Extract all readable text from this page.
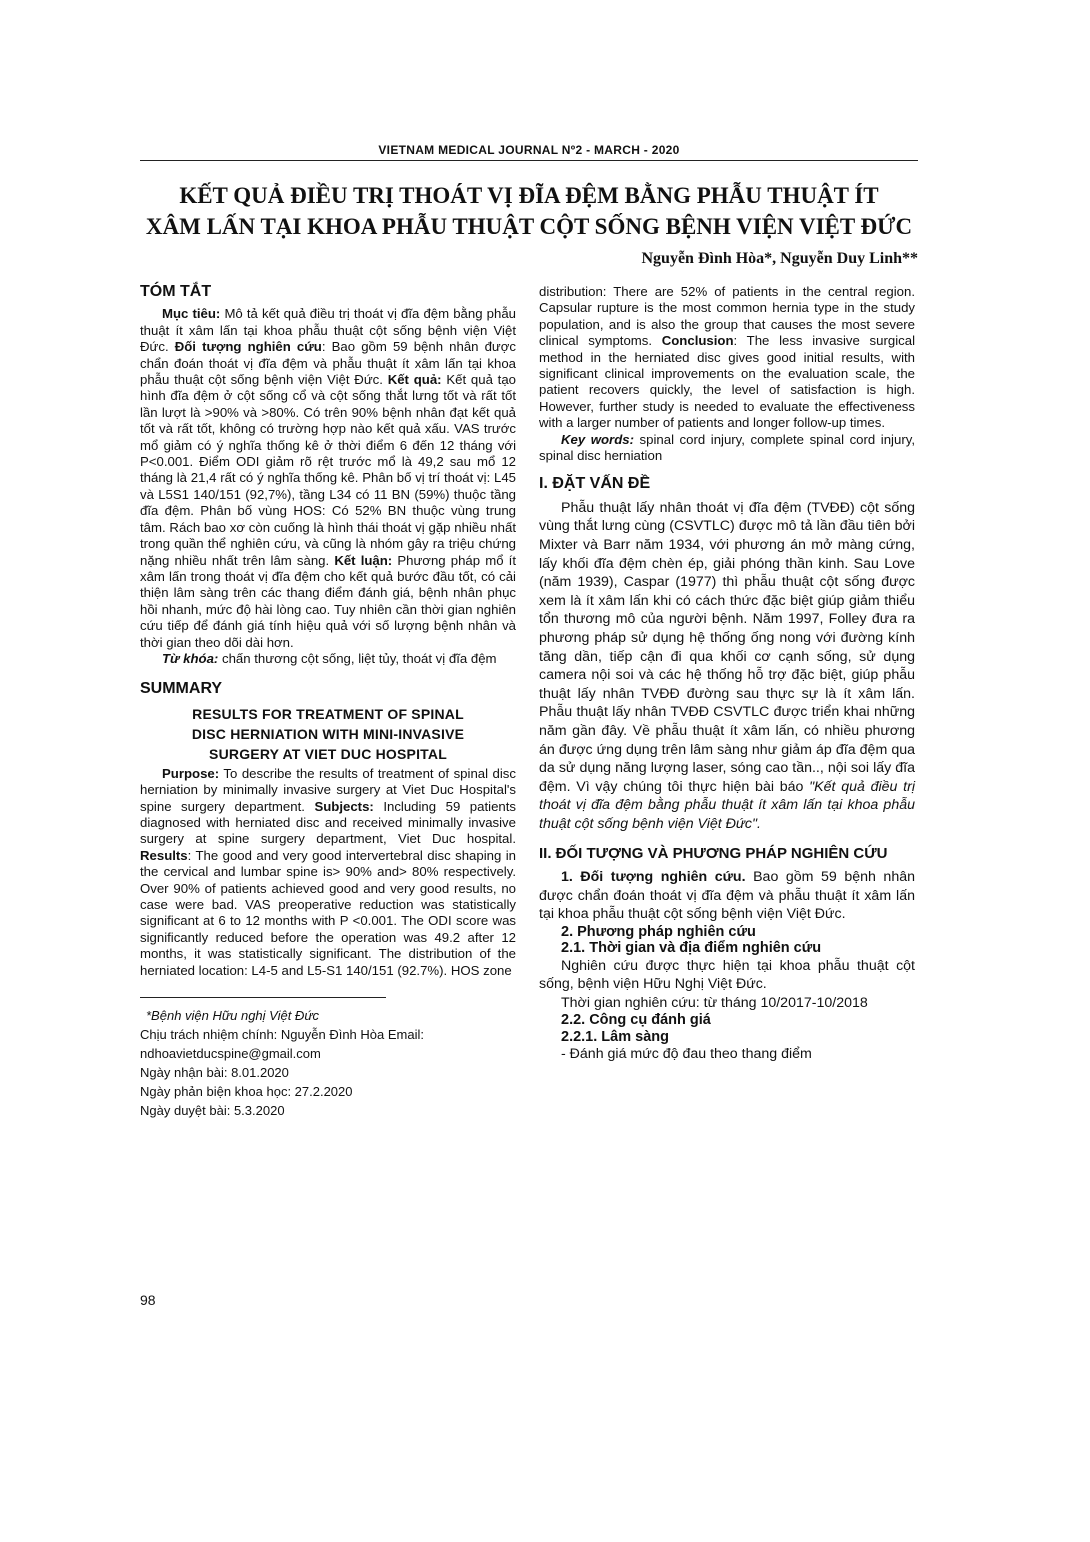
VIETNAM MEDICAL JOURNAL Nº2 - MARCH - 2020
KẾT QUẢ ĐIỀU TRỊ THOÁT VỊ ĐĨA ĐỆM BẰNG PHẪU THUẬT ÍT
XÂM LẤN TẠI KHOA PHẪU THUẬT CỘT SỐNG BỆNH VIỆN VIỆT ĐỨC
Nguyễn Đình Hòa*, Nguyễn Duy Linh**
TÓM TẮT

Mục tiêu: Mô tả kết quả điều trị thoát vị đĩa đệm bằng phẫu thuật ít xâm lấn tại khoa phẫu thuật cột sống bệnh viện Việt Đức. Đối tượng nghiên cứu: Bao gồm 59 bệnh nhân được chẩn đoán thoát vị đĩa đệm và phẫu thuật ít xâm lấn tại khoa phẫu thuật cột sống bệnh viện Việt Đức. Kết quả: Kết quả tạo hình đĩa đệm ở cột sống cổ và cột sống thắt lưng tốt và rất tốt lần lượt là >90% và >80%. Có trên 90% bệnh nhân đạt kết quả tốt và rất tốt, không có trường hợp nào kết quả xấu. VAS trước mổ giảm có ý nghĩa thống kê ở thời điểm 6 đến 12 tháng với P<0.001. Điểm ODI giảm rõ rệt trước mổ là 49,2 sau mổ 12 tháng là 21,4 rất có ý nghĩa thống kê. Phân bố vị trí thoát vị: L45 và L5S1 140/151 (92,7%), tầng L34 có 11 BN (59%) thuộc tầng đĩa đệm. Phân bố vùng HOS: Có 52% BN thuộc vùng trung tâm. Rách bao xơ còn cuống là hình thái thoát vị gặp nhiều nhất trong quần thể nghiên cứu, và cũng là nhóm gây ra triệu chứng nặng nhiều nhất trên lâm sàng. Kết luận: Phương pháp mổ ít xâm lấn trong thoát vị đĩa đệm cho kết quả bước đầu tốt, có cải thiện lâm sàng trên các thang điểm đánh giá, bệnh nhân phục hồi nhanh, mức độ hài lòng cao. Tuy nhiên cần thời gian nghiên cứu tiếp để đánh giá tính hiệu quả với số lượng bệnh nhân và thời gian theo dõi dài hơn.

Từ khóa: chấn thương cột sống, liệt tủy, thoát vị đĩa đệm

SUMMARY
RESULTS FOR TREATMENT OF SPINAL
DISC HERNIATION WITH MINI-INVASIVE
SURGERY AT VIET DUC HOSPITAL

Purpose: To describe the results of treatment of spinal disc herniation by minimally invasive surgery at Viet Duc Hospital's spine surgery department. Subjects: Including 59 patients diagnosed with herniated disc and received minimally invasive surgery at spine surgery department, Viet Duc hospital. Results: The good and very good intervertebral disc shaping in the cervical and lumbar spine is> 90% and> 80% respectively. Over 90% of patients achieved good and very good results, no case were bad. VAS preoperative reduction was statistically significant at 6 to 12 months with P <0.001. The ODI score was significantly reduced before the operation was 49.2 after 12 months, it was statistically significant. The distribution of the herniated location: L4-5 and L5-S1 140/151 (92.7%). HOS zone

*Bệnh viện Hữu nghị Việt Đức

Chịu trách nhiệm chính: Nguyễn Đình Hòa Email:

ndhoavietducspine@gmail.com

Ngày nhận bài: 8.01.2020

Ngày phản biện khoa học: 27.2.2020

Ngày duyệt bài: 5.3.2020

distribution: There are 52% of patients in the central region. Capsular rupture is the most common hernia type in the study population, and is also the group that causes the most severe clinical symptoms. Conclusion: The less invasive surgical method in the herniated disc gives good initial results, with significant clinical improvements on the evaluation scale, the patient recovers quickly, the level of satisfaction is high. However, further study is needed to evaluate the effectiveness with a larger number of patients and longer follow-up times.

Key words: spinal cord injury, complete spinal cord injury, spinal disc herniation

I. ĐẶT VẤN ĐỀ

Phẫu thuật lấy nhân thoát vị đĩa đệm (TVĐĐ) cột sống vùng thắt lưng cùng (CSVTLC) được mô tả lần đầu tiên bởi Mixter và Barr năm 1934, với phương án mở màng cứng, lấy khối đĩa đệm chèn ép, giải phóng thần kinh. Sau Love (năm 1939), Caspar (1977) thì phẫu thuật cột sống được xem là ít xâm lấn khi có cách thức đặc biệt giúp giảm thiểu tổn thương mô của người bệnh. Năm 1997, Folley đưa ra phương pháp sử dụng hệ thống ống nong với đường kính tăng dần, tiếp cận đi qua khối cơ cạnh sống, sử dụng camera nội soi và các hệ thống hỗ trợ đặc biệt, giúp phẫu thuật lấy nhân TVĐĐ đường sau thực sự là ít xâm lấn. Phẫu thuật lấy nhân TVĐĐ CSVTLC được triển khai những năm gần đây. Về phẫu thuật ít xâm lấn, có nhiều phương án được ứng dụng trên lâm sàng như giảm áp đĩa đệm qua da sử dụng năng lượng laser, sóng cao tần.., nội soi lấy đĩa đệm. Vì vậy chúng tôi thực hiện bài báo "Kết quả điều trị thoát vị đĩa đệm bằng phẫu thuật ít xâm lấn tại khoa phẫu thuật cột sống bệnh viện Việt Đức".

II. ĐỐI TƯỢNG VÀ PHƯƠNG PHÁP NGHIÊN CỨU

1. Đối tượng nghiên cứu. Bao gồm 59 bệnh nhân được chẩn đoán thoát vị đĩa đệm và phẫu thuật ít xâm lấn tại khoa phẫu thuật cột sống bệnh viện Việt Đức.

2. Phương pháp nghiên cứu

2.1. Thời gian và địa điểm nghiên cứu

Nghiên cứu được thực hiện tại khoa phẫu thuật cột sống, bệnh viện Hữu Nghị Việt Đức.

Thời gian nghiên cứu: từ tháng 10/2017-10/2018

2.2. Công cụ đánh giá

2.2.1. Lâm sàng

- Đánh giá mức độ đau theo thang điểm

98
